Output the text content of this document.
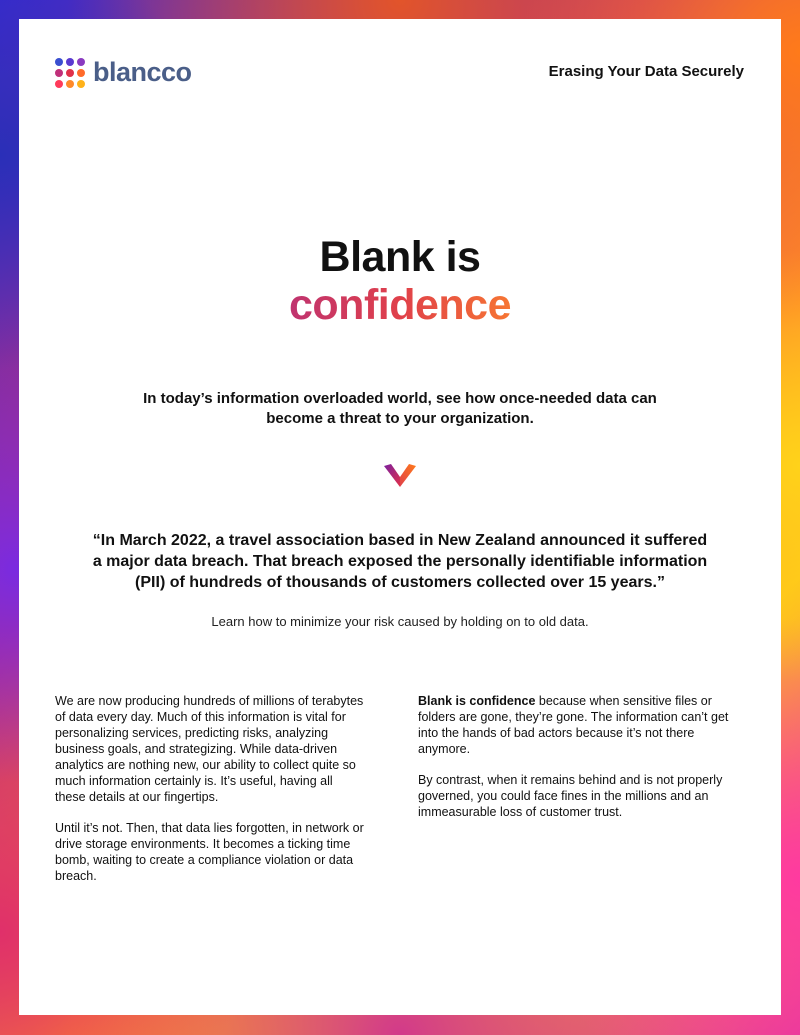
blancco	Erasing Your Data Securely
Blank is
confidence
In today’s information overloaded world, see how once-needed data can become a threat to your organization.
“In March 2022, a travel association based in New Zealand announced it suffered a major data breach. That breach exposed the personally identifiable information (PII) of hundreds of thousands of customers collected over 15 years.”
Learn how to minimize your risk caused by holding on to old data.

We are now producing hundreds of millions of terabytes of data every day. Much of this information is vital for personalizing services, predicting risks, analyzing business goals, and strategizing. While data-driven analytics are nothing new, our ability to collect quite so much information certainly is. It’s useful, having all these details at our fingertips.

Until it’s not. Then, that data lies forgotten, in network or drive storage environments. It becomes a ticking time bomb, waiting to create a compliance violation or data breach.

Blank is confidence because when sensitive files or folders are gone, they’re gone. The information can’t get into the hands of bad actors because it’s not there anymore.

By contrast, when it remains behind and is not properly governed, you could face fines in the millions and an immeasurable loss of customer trust.
